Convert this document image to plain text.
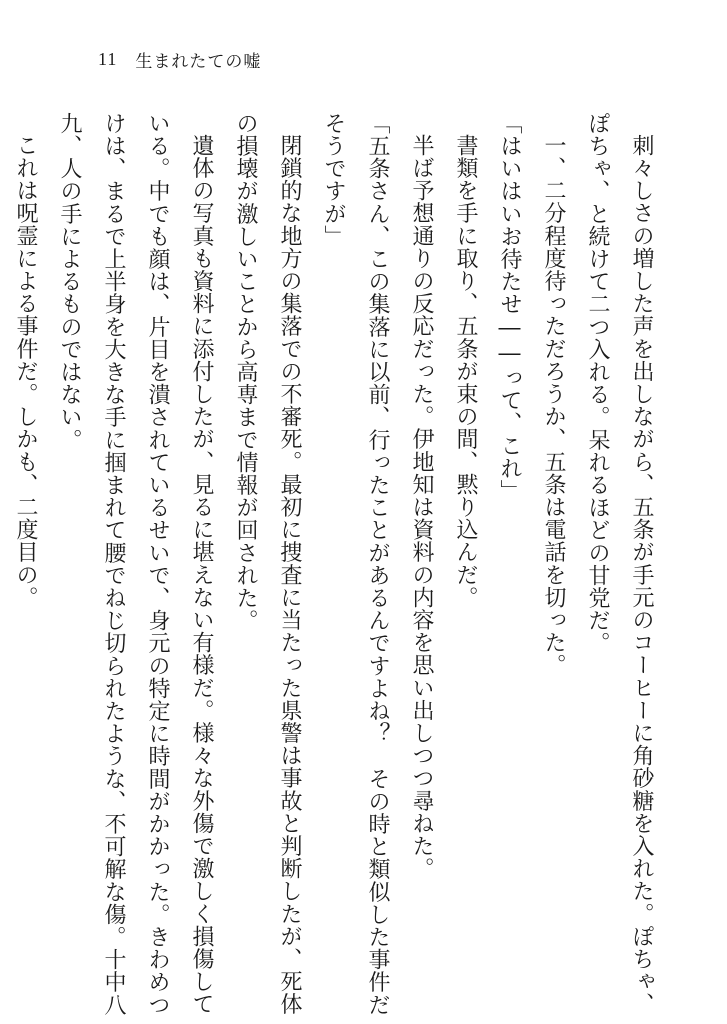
11 生まれたての嘘

刺々しさの増した声を出しながら、五条が手元のコーヒーに角砂糖を入れた。ぽちゃ、

ぽちゃ、と続けて二つ入れる。呆れるほどの甘党だ。

一、二分程度待っただろうか、五条は電話を切った。

「はいはいお待たせ――って、これ」

書類を手に取り、五条が束の間、黙り込んだ。

半ば予想通りの反応だった。伊地知は資料の内容を思い出しつつ尋ねた。

「五条さん、この集落に以前、行ったことがあるんですよね？　その時と類似した事件だ

そうですが」

閉鎖的な地方の集落での不審死。最初に捜査に当たった県警は事故と判断したが、死体

の損壊が激しいことから高専まで情報が回された。

遺体の写真も資料に添付したが、見るに堪えない有様だ。様々な外傷で激しく損傷して

いる。中でも顔は、片目を潰されているせいで、身元の特定に時間がかかった。きわめつ

けは、まるで上半身を大きな手に掴まれて腰でねじ切られたような、不可解な傷。十中八

九、人の手によるものではない。

これは呪霊による事件だ。しかも、二度目の。
